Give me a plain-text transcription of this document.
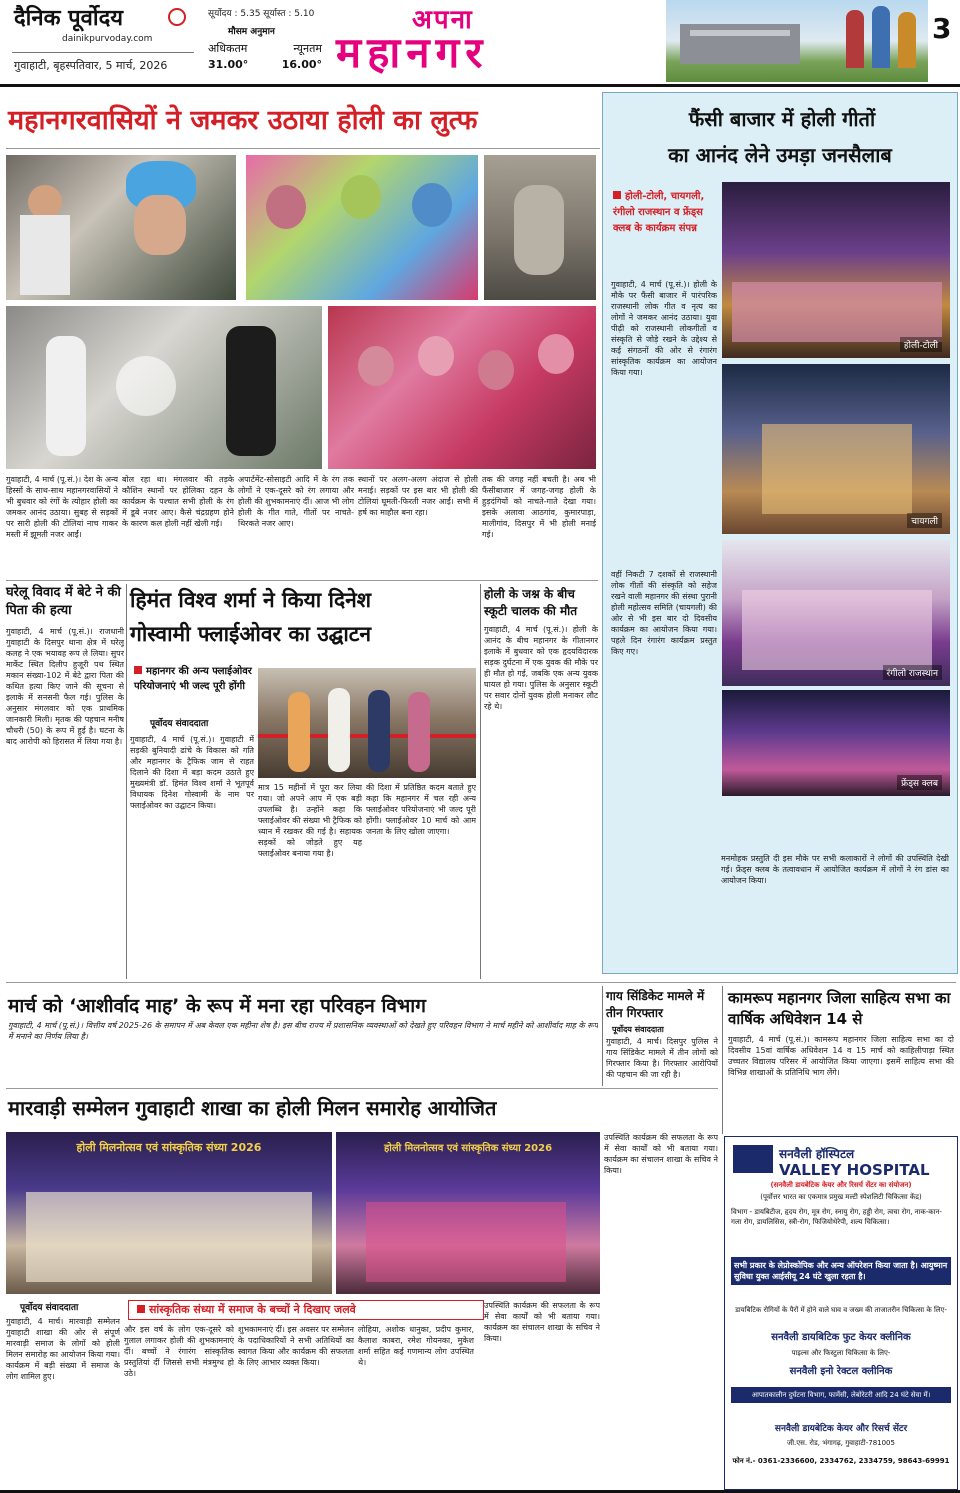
दैनिक पूर्वोदय
dainikpurvoday.com
गुवाहाटी, बृहस्पतिवार, 5 मार्च, 2026
सूर्योदय : 5.35 सूर्यास्त : 5.10
मौसम अनुमान
अधिकतम	न्यूनतम
31.00°	16.00°
अपना
महानगर	3
महानगरवासियों ने जमकर उठाया होली का लुत्फ
गुवाहाटी, 4 मार्च (पू.सं.)। देश के अन्य हिस्सों के साथ-साथ महानगरवासियों ने भी बुधवार को रंगों के त्योहार होली का जमकर आनंद उठाया। सुबह से सड़कों पर सारी होली की टोलियां नाच गाकर मस्ती में झूमती नजर आईं।
बोल रहा था। मंगलवार की तड़के कौशिन स्थानों पर होलिका दहन के कार्यक्रम के पश्चात सभी होली के रंग में डूबे नजर आए। कैसे चंद्रग्रहण होने के कारण कल होली नहीं खेली गई।
अपार्टमेंट-सोसाइटी आदि में के रंग तक लोगों ने एक-दूसरे को रंग लगाया और होली की शुभकामनाएं दीं। आज भी लोग होली के गीत गाते, गीतों पर नाचते-थिरकते नजर आए।
स्थानों पर अलग-अलग अंदाज से होली मनाई। सड़कों पर इस बार भी होली की टोलियां घूमती-फिरती नजर आईं। सभी में हर्ष का माहौल बना रहा।
तक की जगह नहीं बचती है। अब भी फैंसीबाजार में जगह-जगह होली के हुड़दंगियों को नाचते-गाते देखा गया। इसके अलावा आठगांव, कुमारपाड़ा, मालीगांव, दिसपुर में भी होली मनाई गई।
फैंसी बाजार में होली गीतों
का आनंद लेने उमड़ा जनसैलाब
होली-टोली, चायगली, रंगीलो राजस्थान व फ्रेंड्स क्लब के कार्यक्रम संपन्न
गुवाहाटी, 4 मार्च (पू.सं.)। होली के मौके पर फैंसी बाजार में पारंपरिक राजस्थानी लोक गीत व नृत्य का लोगों ने जमकर आनंद उठाया। युवा पीढ़ी को राजस्थानी लोकगीतों व संस्कृति से जोड़े रखने के उद्देश्य से कई संगठनों की ओर से रंगारंग सांस्कृतिक कार्यक्रम का आयोजन किया गया।
वहीं निकटी 7 दशकों से राजस्थानी लोक गीतों की संस्कृति को सहेज रखने वाली महानगर की संस्था पुरानी होली महोत्सव समिति (चायगली) की ओर से भी इस बार दो दिवसीय कार्यक्रम का आयोजन किया गया। पहले दिन रंगारंग कार्यक्रम प्रस्तुत किए गए।
मनमोहक प्रस्तुति दी इस मौके पर सभी कलाकारों ने लोगों की उपस्थिति देखी गई। फ्रेंड्स क्लब के तत्वावधान में आयोजित कार्यक्रम में लोगों ने रंग डांस का आयोजन किया।
होली-टोली
चायगली
रंगीलो राजस्थान
फ्रेंड्स क्लब
घरेलू विवाद में बेटे ने की पिता की हत्या
गुवाहाटी, 4 मार्च (पू.सं.)। राजधानी गुवाहाटी के दिसपुर थाना क्षेत्र में घरेलू कलह ने एक भयावह रूप ले लिया। सुपर मार्केट स्थित दिलीप हुजूरी पथ स्थित मकान संख्या-102 में बेटे द्वारा पिता की कथित हत्या किए जाने की सूचना से इलाके में सनसनी फैल गई। पुलिस के अनुसार मंगलवार को एक प्राथमिक जानकारी मिली। मृतक की पहचान मनीष चौधरी (50) के रूप में हुई है। घटना के बाद आरोपी को हिरासत में लिया गया है।
हिमंत विश्व शर्मा ने किया दिनेश
गोस्वामी फ्लाईओवर का उद्घाटन
महानगर की अन्य फ्लाईओवर परियोजनाएं भी जल्द पूरी होंगी
पूर्वोदय संवाददाता
गुवाहाटी, 4 मार्च (पू.सं.)। गुवाहाटी में सड़की बुनियादी ढांचे के विकास को गति और महानगर के ट्रैफिक जाम से राहत दिलाने की दिशा में बड़ा कदम उठाते हुए मुख्यमंत्री डॉ. हिमंत विश्व शर्मा ने भूतपूर्व विधायक दिनेश गोस्वामी के नाम पर फ्लाईओवर का उद्घाटन किया।
मात्र 15 महीनों में पूरा कर लिया गया। जो अपने आप में एक बड़ी उपलब्धि है। उन्होंने कहा कि फ्लाईओवर की संख्या भी ट्रैफिक को ध्यान में रखकर की गई है। सहायक सड़कों को जोड़ते हुए यह फ्लाईओवर बनाया गया है।
की दिशा में प्रतिष्ठित कदम बताते हुए कहा कि महानगर में चल रही अन्य फ्लाईओवर परियोजनाएं भी जल्द पूरी होंगी। फ्लाईओवर 10 मार्च को आम जनता के लिए खोला जाएगा।
होली के जश्न के बीच स्कूटी चालक की मौत
गुवाहाटी, 4 मार्च (पू.सं.)। होली के आनंद के बीच महानगर के गीतानगर इलाके में बुधवार को एक हृदयविदारक सड़क दुर्घटना में एक युवक की मौके पर ही मौत हो गई, जबकि एक अन्य युवक घायल हो गया। पुलिस के अनुसार स्कूटी पर सवार दोनों युवक होली मनाकर लौट रहे थे।
मार्च को ‘आशीर्वाद माह’ के रूप में मना रहा परिवहन विभाग
गुवाहाटी, 4 मार्च (पू.सं.)। वित्तीय वर्ष 2025-26 के समापन में अब केवल एक महीना शेष है। इस बीच राज्य में प्रशासनिक व्यवस्थाओं को देखते हुए परिवहन विभाग ने मार्च महीने को आशीर्वाद माह के रूप में मनाने का निर्णय लिया है।
गाय सिंडिकेट मामले में तीन गिरफ्तार
पूर्वोदय संवाददाता
गुवाहाटी, 4 मार्च। दिसपुर पुलिस ने गाय सिंडिकेट मामले में तीन लोगों को गिरफ्तार किया है। गिरफ्तार आरोपियों की पहचान की जा रही है।
कामरूप महानगर जिला साहित्य सभा का वार्षिक अधिवेशन 14 से
गुवाहाटी, 4 मार्च (पू.सं.)। कामरूप महानगर जिला साहित्य सभा का दो दिवसीय 15वां वार्षिक अधिवेशन 14 व 15 मार्च को काहिलीपाड़ा स्थित उच्चतर विद्यालय परिसर में आयोजित किया जाएगा। इसमें साहित्य सभा की विभिन्न शाखाओं के प्रतिनिधि भाग लेंगे।
मारवाड़ी सम्मेलन गुवाहाटी शाखा का होली मिलन समारोह आयोजित
होली मिलनोत्सव एवं सांस्कृतिक संध्या 2026	होली मिलनोत्सव एवं सांस्कृतिक संध्या 2026
पूर्वोदय संवाददाता	सांस्कृतिक संध्या में समाज के बच्चों ने दिखाए जलवे
गुवाहाटी, 4 मार्च। मारवाड़ी सम्मेलन गुवाहाटी शाखा की ओर से संपूर्ण मारवाड़ी समाज के लोगों को होली मिलन समारोह का आयोजन किया गया। कार्यक्रम में बड़ी संख्या में समाज के लोग शामिल हुए।
और इस वर्ष के लोग एक-दूसरे को गुलाल लगाकर होली की शुभकामनाएं दीं। बच्चों ने रंगारंग सांस्कृतिक प्रस्तुतियां दीं जिससे सभी मंत्रमुग्ध हो उठे।
शुभकामनाएं दीं। इस अवसर पर सम्मेलन के पदाधिकारियों ने सभी अतिथियों का स्वागत किया और कार्यक्रम की सफलता के लिए आभार व्यक्त किया।
लोहिया, अशोक धानुका, प्रदीप कुमार, कैलाश काबरा, रमेश गोयनका, मुकेश शर्मा सहित कई गणमान्य लोग उपस्थित थे।
उपस्थिति कार्यक्रम की सफलता के रूप में सेवा कार्यों को भी बताया गया। कार्यक्रम का संचालन शाखा के सचिव ने किया।
उपस्थिति कार्यक्रम की सफलता के रूप में सेवा कार्यों को भी बताया गया। कार्यक्रम का संचालन शाखा के सचिव ने किया।
सनवैली हॉस्पिटल
VALLEY HOSPITAL
(सनवैली डायबेटिक केयर और रिसर्च सेंटर का संयोजन)
(पूर्वोत्तर भारत का एकमात्र प्रमुख मल्टी स्पेशलिटी चिकित्सा केंद्र)
विभाग - डायबिटीज, हृदय रोग, मूत्र रोग, स्नायु रोग, हड्डी रोग, त्वचा रोग, नाक-कान-गला रोग, डायलिसिस, स्त्री-रोग, फिजियोथेरेपी, शल्य चिकित्सा।
सभी प्रकार के लेप्रोस्कोपिक और अन्य ऑपरेशन किया जाता है। आयुष्मान सुविधा युक्त आईसीयू 24 घंटे खुला रहता है।
डायबिटिक रोगियों के पैरों में होने वाले घाव व जख्म की ताजातरीन चिकित्सा के लिए-
सनवैली डायबिटिक फुट केयर क्लीनिक
पाइल्स और फिस्टुला चिकित्सा के लिए-
सनवैली इनो रेक्टल क्लीनिक
आपातकालीन दुर्घटना विभाग, फार्मेसी, लेबोरेटरी आदि 24 घंटे सेवा में।
सनवैली डायबेटिक केयर और रिसर्च सेंटर
जी.एस. रोड, भंगागढ़, गुवाहाटी-781005
फोन नं.- 0361-2336600, 2334762, 2334759, 98643-69991
